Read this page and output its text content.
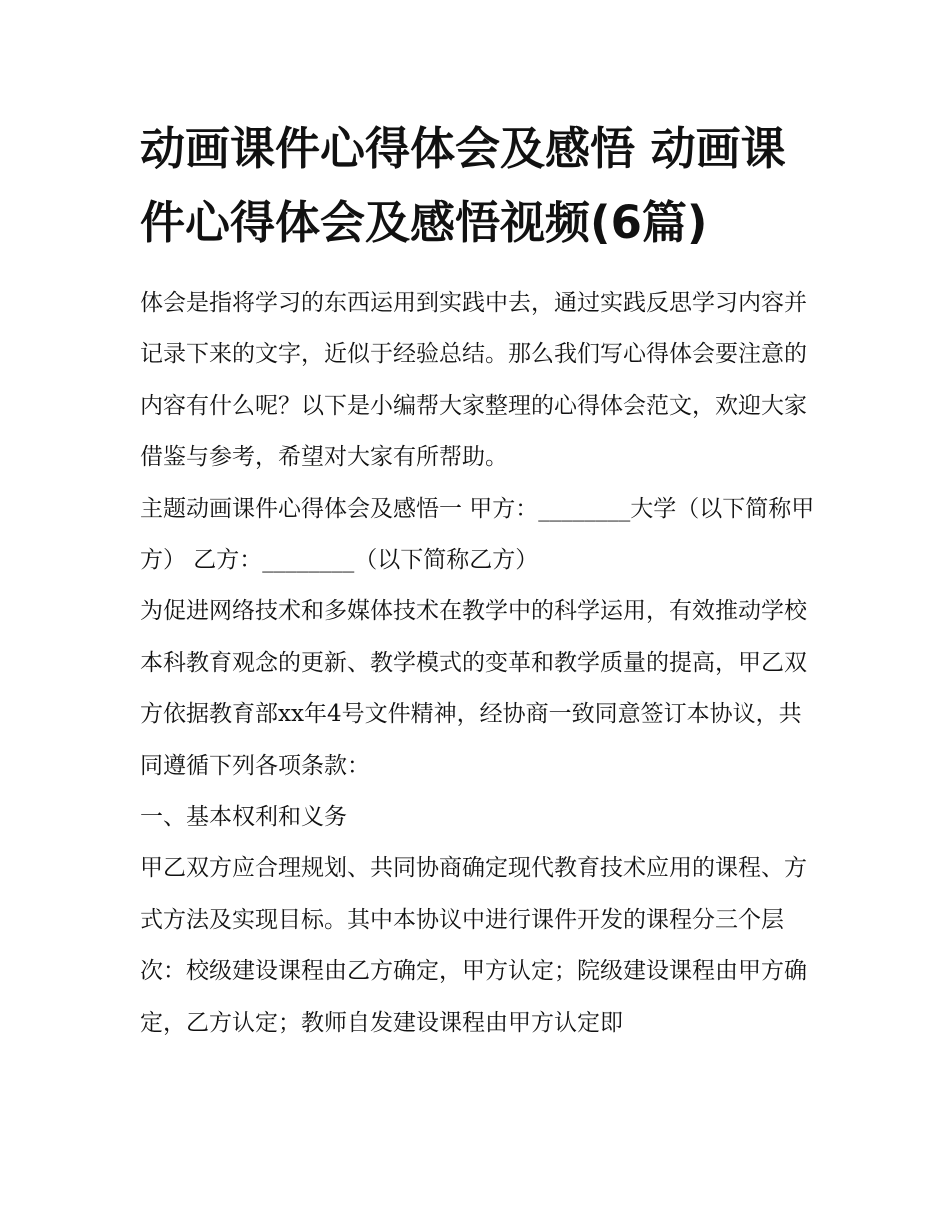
动画课件心得体会及感悟 动画课件心得体会及感悟视频(6篇)

体会是指将学习的东西运用到实践中去，通过实践反思学习内容并记录下来的文字，近似于经验总结。那么我们写心得体会要注意的内容有什么呢？以下是小编帮大家整理的心得体会范文，欢迎大家借鉴与参考，希望对大家有所帮助。

主题动画课件心得体会及感悟一 甲方：________大学（以下简称甲方） 乙方：________（以下简称乙方）

为促进网络技术和多媒体技术在教学中的科学运用，有效推动学校本科教育观念的更新、教学模式的变革和教学质量的提高，甲乙双方依据教育部xx年4号文件精神，经协商一致同意签订本协议，共同遵循下列各项条款：

一、基本权利和义务

甲乙双方应合理规划、共同协商确定现代教育技术应用的课程、方式方法及实现目标。其中本协议中进行课件开发的课程分三个层次：校级建设课程由乙方确定，甲方认定；院级建设课程由甲方确定，乙方认定；教师自发建设课程由甲方认定即
